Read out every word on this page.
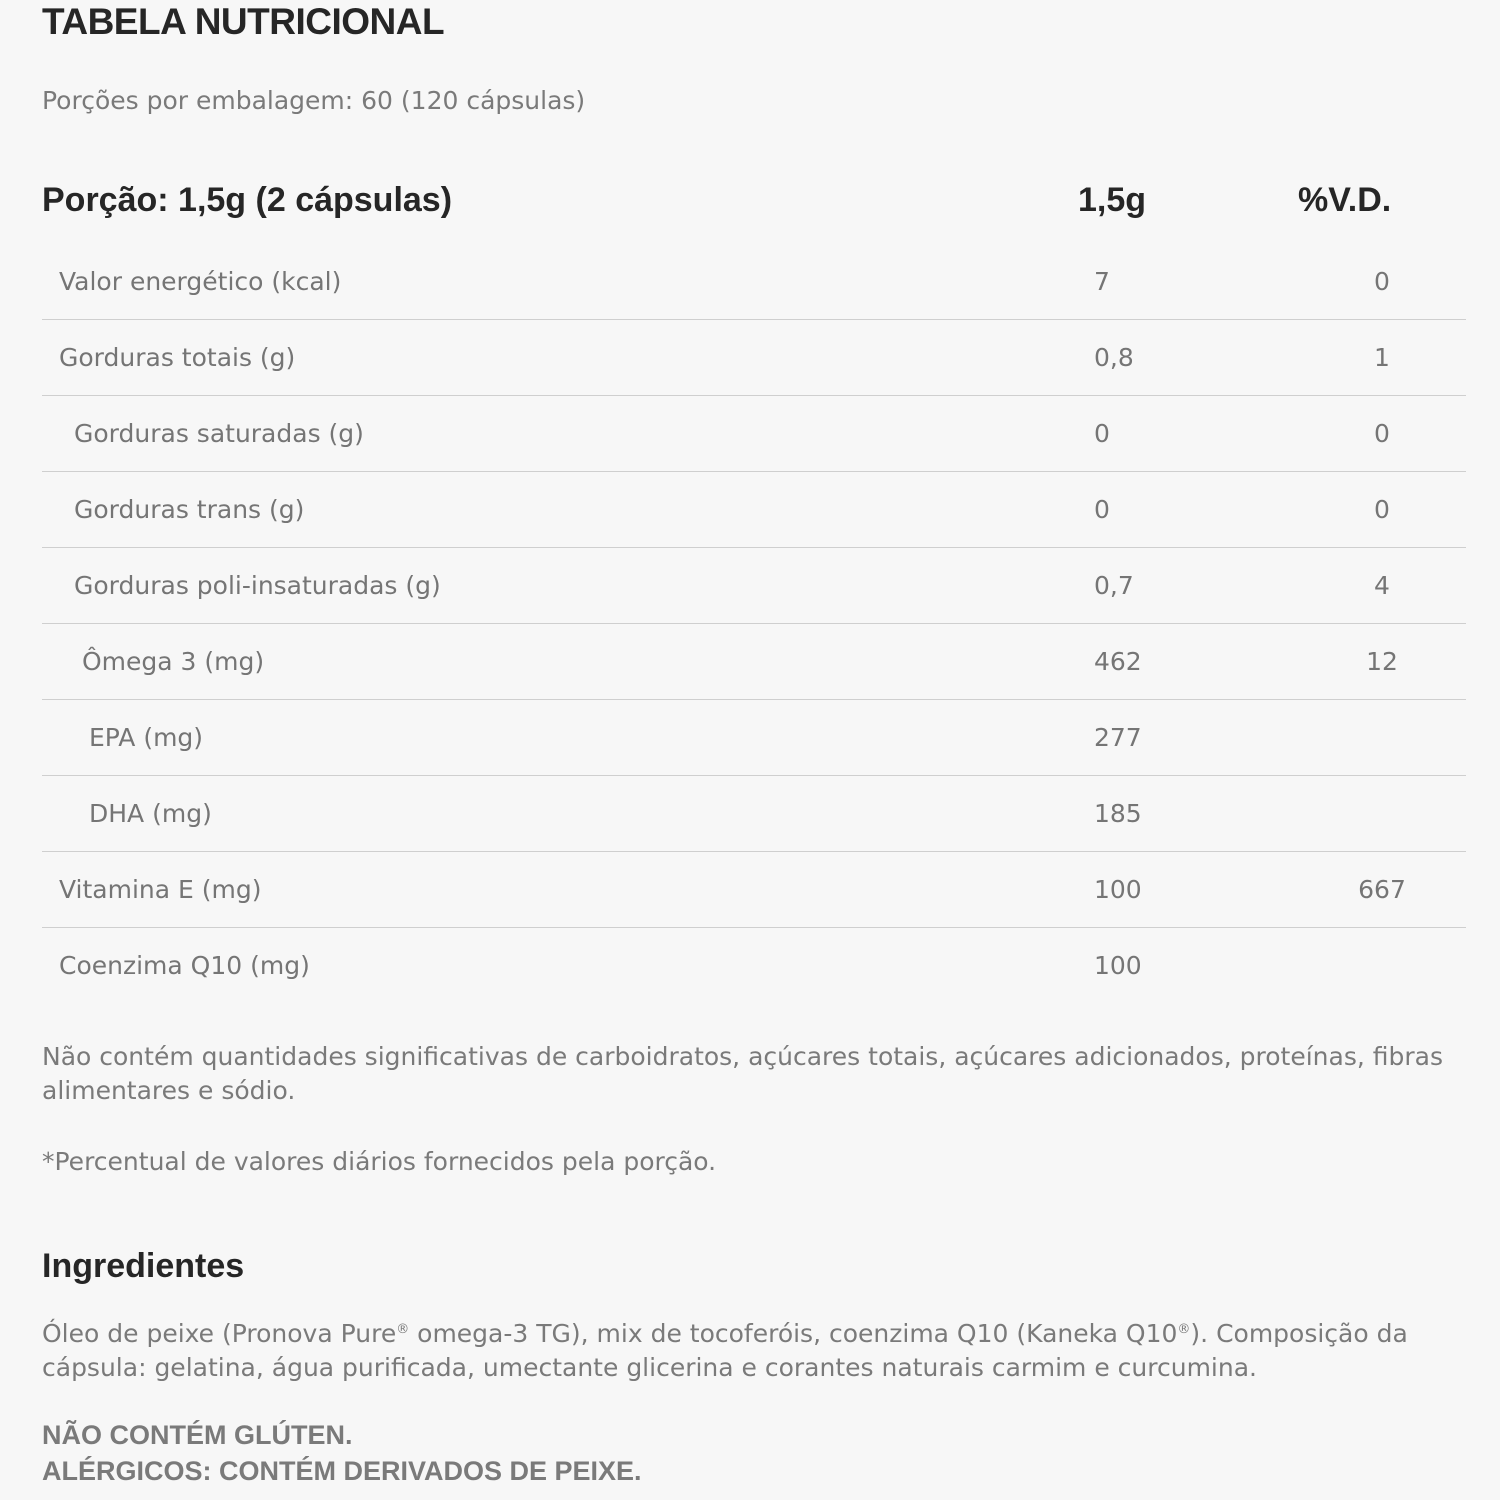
TABELA NUTRICIONAL
Porções por embalagem: 60 (120 cápsulas)
Porção: 1,5g (2 cápsulas)	1,5g	%V.D.
Valor energético (kcal)	7	0
Gorduras totais (g)	0,8	1
Gorduras saturadas (g)	0	0
Gorduras trans (g)	0	0
Gorduras poli-insaturadas (g)	0,7	4
Ômega 3 (mg)	462	12
EPA (mg)	277
DHA (mg)	185
Vitamina E (mg)	100	667
Coenzima Q10 (mg)	100
Não contém quantidades significativas de carboidratos, açúcares totais, açúcares adicionados, proteínas, fibras alimentares e sódio.
*Percentual de valores diários fornecidos pela porção.
Ingredientes
Óleo de peixe (Pronova Pure® omega-3 TG), mix de tocoferóis, coenzima Q10 (Kaneka Q10®). Composição da cápsula: gelatina, água purificada, umectante glicerina e corantes naturais carmim e curcumina.
NÃO CONTÉM GLÚTEN.
ALÉRGICOS: CONTÉM DERIVADOS DE PEIXE.
